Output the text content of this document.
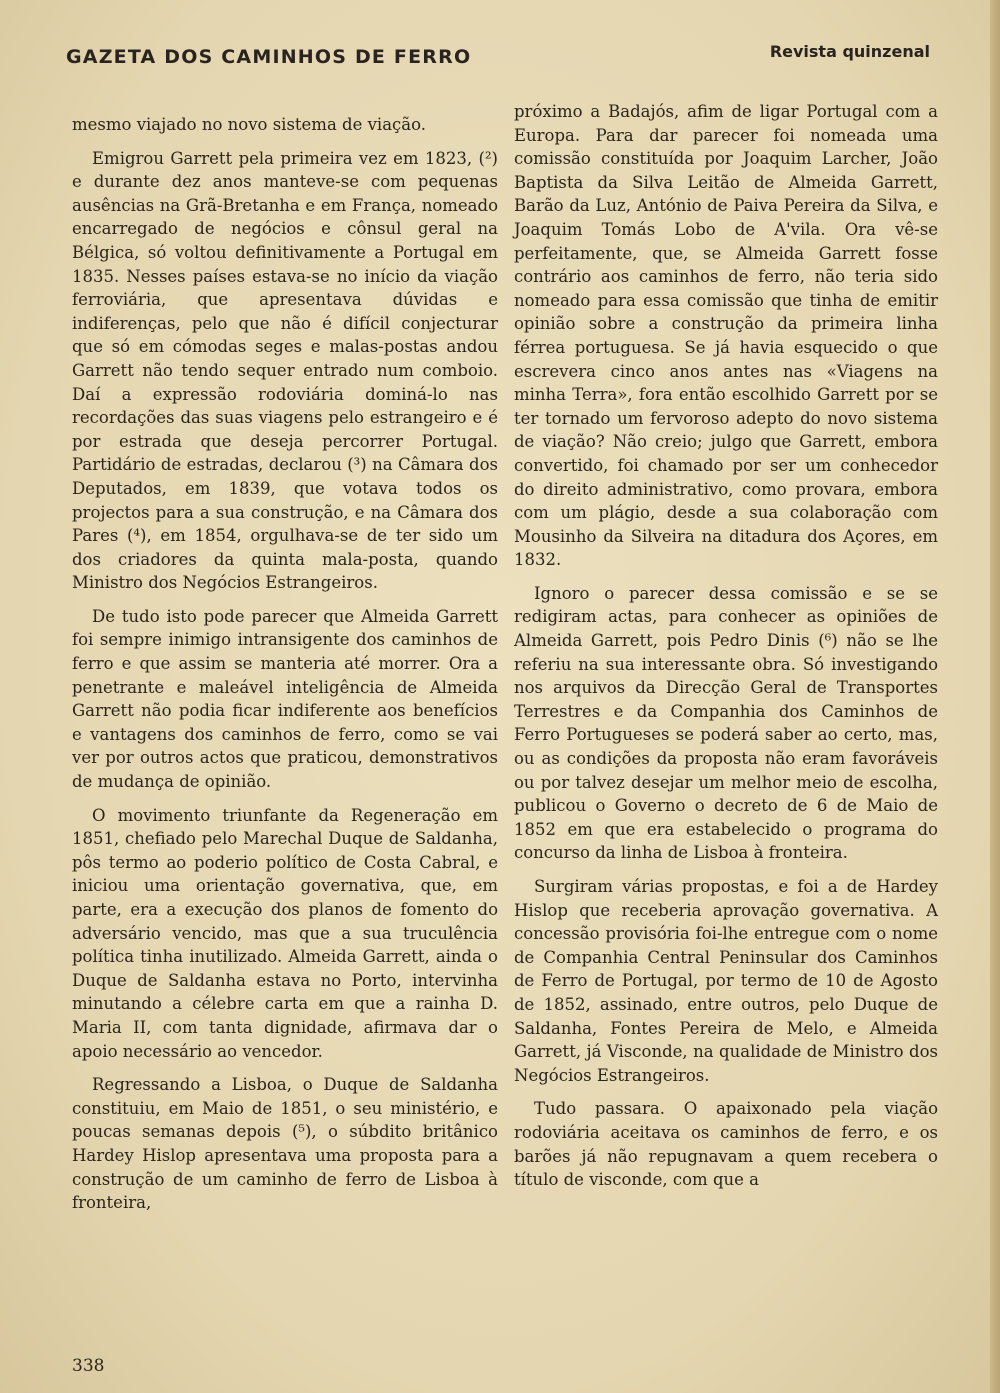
GAZETA DOS CAMINHOS DE FERRO	Revista quinzenal

mesmo viajado no novo sistema de viação.

Emigrou Garrett pela primeira vez em 1823, (²) e durante dez anos manteve-se com pequenas ausências na Grã-Bretanha e em França, nomeado encarregado de negócios e cônsul geral na Bélgica, só voltou definitivamente a Portugal em 1835. Nesses países estava-se no início da viação ferroviária, que apresentava dúvidas e indiferenças, pelo que não é difícil conjecturar que só em cómodas seges e malas-postas andou Garrett não tendo sequer entrado num comboio. Daí a expressão rodoviária dominá-lo nas recordações das suas viagens pelo estrangeiro e é por estrada que deseja percorrer Portugal. Partidário de estradas, declarou (³) na Câmara dos Deputados, em 1839, que votava todos os projectos para a sua construção, e na Câmara dos Pares (⁴), em 1854, orgulhava-se de ter sido um dos criadores da quinta mala-posta, quando Ministro dos Negócios Estrangeiros.

De tudo isto pode parecer que Almeida Garrett foi sempre inimigo intransigente dos caminhos de ferro e que assim se manteria até morrer. Ora a penetrante e maleável inteligência de Almeida Garrett não podia ficar indiferente aos benefícios e vantagens dos caminhos de ferro, como se vai ver por outros actos que praticou, demonstrativos de mudança de opinião.

O movimento triunfante da Regeneração em 1851, chefiado pelo Marechal Duque de Saldanha, pôs termo ao poderio político de Costa Cabral, e iniciou uma orientação governativa, que, em parte, era a execução dos planos de fomento do adversário vencido, mas que a sua truculência política tinha inutilizado. Almeida Garrett, ainda o Duque de Saldanha estava no Porto, intervinha minutando a célebre carta em que a rainha D. Maria II, com tanta dignidade, afirmava dar o apoio necessário ao vencedor.

Regressando a Lisboa, o Duque de Saldanha constituiu, em Maio de 1851, o seu ministério, e poucas semanas depois (⁵), o súbdito britânico Hardey Hislop apresentava uma proposta para a construção de um caminho de ferro de Lisboa à fronteira,

próximo a Badajós, afim de ligar Portugal com a Europa. Para dar parecer foi nomeada uma comissão constituída por Joaquim Larcher, João Baptista da Silva Leitão de Almeida Garrett, Barão da Luz, António de Paiva Pereira da Silva, e Joaquim Tomás Lobo de A'vila. Ora vê-se perfeitamente, que, se Almeida Garrett fosse contrário aos caminhos de ferro, não teria sido nomeado para essa comissão que tinha de emitir opinião sobre a construção da primeira linha férrea portuguesa. Se já havia esquecido o que escrevera cinco anos antes nas «Viagens na minha Terra», fora então escolhido Garrett por se ter tornado um fervoroso adepto do novo sistema de viação? Não creio; julgo que Garrett, embora convertido, foi chamado por ser um conhecedor do direito administrativo, como provara, embora com um plágio, desde a sua colaboração com Mousinho da Silveira na ditadura dos Açores, em 1832.

Ignoro o parecer dessa comissão e se se redigiram actas, para conhecer as opiniões de Almeida Garrett, pois Pedro Dinis (⁶) não se lhe referiu na sua interessante obra. Só investigando nos arquivos da Direcção Geral de Transportes Terrestres e da Companhia dos Caminhos de Ferro Portugueses se poderá saber ao certo, mas, ou as condições da proposta não eram favoráveis ou por talvez desejar um melhor meio de escolha, publicou o Governo o decreto de 6 de Maio de 1852 em que era estabelecido o programa do concurso da linha de Lisboa à fronteira.

Surgiram várias propostas, e foi a de Hardey Hislop que receberia aprovação governativa. A concessão provisória foi-lhe entregue com o nome de Companhia Central Peninsular dos Caminhos de Ferro de Portugal, por termo de 10 de Agosto de 1852, assinado, entre outros, pelo Duque de Saldanha, Fontes Pereira de Melo, e Almeida Garrett, já Visconde, na qualidade de Ministro dos Negócios Estrangeiros.

Tudo passara. O apaixonado pela viação rodoviária aceitava os caminhos de ferro, e os barões já não repugnavam a quem recebera o título de visconde, com que a

338
